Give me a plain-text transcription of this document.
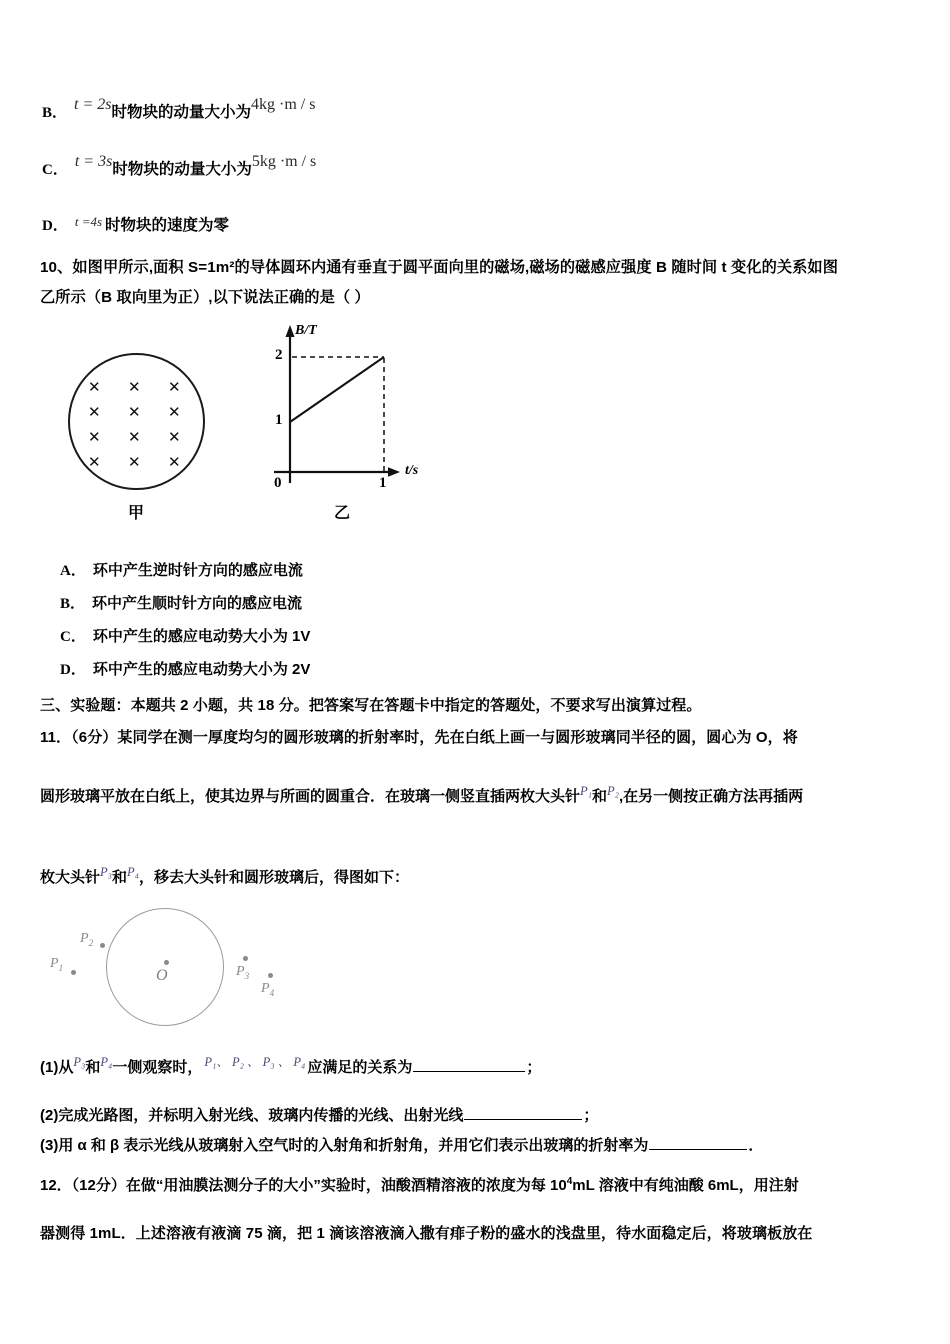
B． t = 2s 时物块的动量大小为 4kg ·m / s
C． t = 3s 时物块的动量大小为 5kg ·m / s
D． t =4s 时物块的速度为零
10、如图甲所示,面积 S=1m²的导体圆环内通有垂直于圆平面向里的磁场,磁场的磁感应强度 B 随时间 t 变化的关系如图
乙所示（B 取向里为正）,以下说法正确的是（ ）
✕ ✕ ✕
✕ ✕ ✕
✕ ✕ ✕
✕ ✕ ✕
甲
B/T
t/s
2
1
0	1
乙
A． 环中产生逆时针方向的感应电流
B． 环中产生顺时针方向的感应电流
C． 环中产生的感应电动势大小为 1V
D． 环中产生的感应电动势大小为 2V
三、实验题：本题共 2 小题，共 18 分。把答案写在答题卡中指定的答题处，不要求写出演算过程。
11．（6分）某同学在测一厚度均匀的圆形玻璃的折射率时，先在白纸上画一与圆形玻璃同半径的圆，圆心为 O，将
圆形玻璃平放在白纸上，使其边界与所画的圆重合．在玻璃一侧竖直插两枚大头针 P₁ 和 P₂ ,在另一侧按正确方法再插两
枚大头针 P₃ 和 P₄ ，移去大头针和圆形玻璃后，得图如下：
$P_1$
$P_2$
O	$P_3$
$P_4$
(1)从 P₃ 和 P₄ 一侧观察时， P₁、 P₂ 、 P₃ 、 P₄ 应满足的关系为	；
(2)完成光路图，并标明入射光线、玻璃内传播的光线、出射光线	；
(3)用 α 和 β 表示光线从玻璃射入空气时的入射角和折射角，并用它们表示出玻璃的折射率为	．
12．（12分）在做“用油膜法测分子的大小”实验时，油酸酒精溶液的浓度为每 10 4 mL 溶液中有纯油酸 6mL，用注射
器测得 1mL．上述溶液有液滴 75 滴，把 1 滴该溶液滴入撒有痱子粉的盛水的浅盘里，待水面稳定后，将玻璃板放在
